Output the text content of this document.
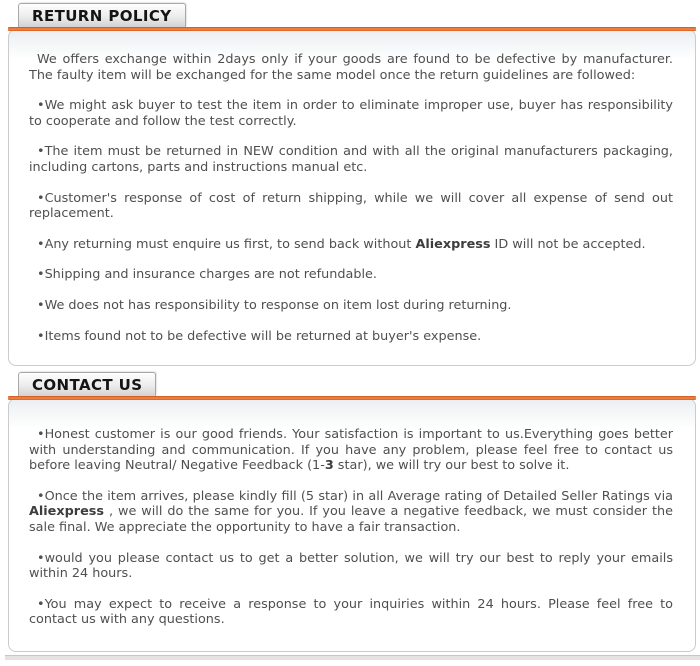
RETURN POLICY

We offers exchange within 2days only if your goods are found to be defective by manufacturer. The faulty item will be exchanged for the same model once the return guidelines are followed:

•We might ask buyer to test the item in order to eliminate improper use, buyer has responsibility to cooperate and follow the test correctly.

•The item must be returned in NEW condition and with all the original manufacturers packaging, including cartons, parts and instructions manual etc.

•Customer's response of cost of return shipping, while we will cover all expense of send out replacement.

•Any returning must enquire us first, to send back without Aliexpress ID will not be accepted.

•Shipping and insurance charges are not refundable.

•We does not has responsibility to response on item lost during returning.

•Items found not to be defective will be returned at buyer's expense.

CONTACT US

•Honest customer is our good friends. Your satisfaction is important to us.Everything goes better with understanding and communication. If you have any problem, please feel free to contact us before leaving Neutral/ Negative Feedback (1-3 star), we will try our best to solve it.

•Once the item arrives, please kindly fill (5 star) in all Average rating of Detailed Seller Ratings via Aliexpress , we will do the same for you. If you leave a negative feedback, we must consider the sale final. We appreciate the opportunity to have a fair transaction.

•would you please contact us to get a better solution, we will try our best to reply your emails within 24 hours.

•You may expect to receive a response to your inquiries within 24 hours. Please feel free to contact us with any questions.
